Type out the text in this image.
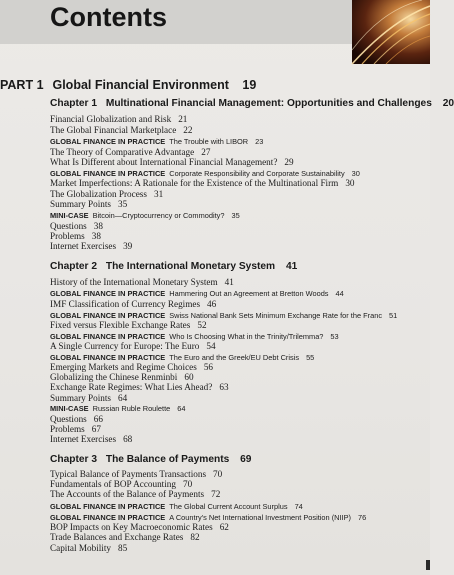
Contents
PART 1 Global Financial Environment 19
Chapter 1 Multinational Financial Management: Opportunities and Challenges 20
Financial Globalization and Risk 21
The Global Financial Marketplace 22
GLOBAL FINANCE IN PRACTICE The Trouble with LIBOR 23
The Theory of Comparative Advantage 27
What Is Different about International Financial Management? 29
GLOBAL FINANCE IN PRACTICE Corporate Responsibility and Corporate Sustainability 30
Market Imperfections: A Rationale for the Existence of the Multinational Firm 30
The Globalization Process 31
Summary Points 35
MINI-CASE Bitcoin—Cryptocurrency or Commodity? 35
Questions 38
Problems 38
Internet Exercises 39
Chapter 2 The International Monetary System 41
History of the International Monetary System 41
GLOBAL FINANCE IN PRACTICE Hammering Out an Agreement at Bretton Woods 44
IMF Classification of Currency Regimes 46
GLOBAL FINANCE IN PRACTICE Swiss National Bank Sets Minimum Exchange Rate for the Franc 51
Fixed versus Flexible Exchange Rates 52
GLOBAL FINANCE IN PRACTICE Who Is Choosing What in the Trinity/Trilemma? 53
A Single Currency for Europe: The Euro 54
GLOBAL FINANCE IN PRACTICE The Euro and the Greek/EU Debt Crisis 55
Emerging Markets and Regime Choices 56
Globalizing the Chinese Renminbi 60
Exchange Rate Regimes: What Lies Ahead? 63
Summary Points 64
MINI-CASE Russian Ruble Roulette 64
Questions 66
Problems 67
Internet Exercises 68
Chapter 3 The Balance of Payments 69
Typical Balance of Payments Transactions 70
Fundamentals of BOP Accounting 70
The Accounts of the Balance of Payments 72
GLOBAL FINANCE IN PRACTICE The Global Current Account Surplus 74
GLOBAL FINANCE IN PRACTICE A Country's Net International Investment Position (NIIP) 76
BOP Impacts on Key Macroeconomic Rates 62
Trade Balances and Exchange Rates 82
Capital Mobility 85
